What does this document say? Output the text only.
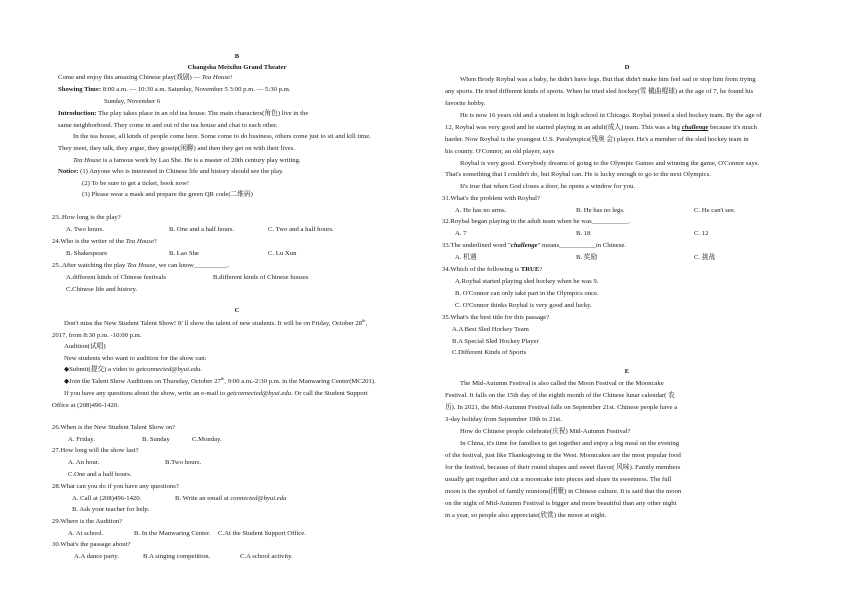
B
Changsha Meixihu Grand Theater
Come and enjoy this amazing Chinese play(戏剧) — Tea House!
Showing Time: 8:00 a.m. — 10:30 a.m. Saturday, November 5 3:00 p.m. — 5:30 p.m.
Sunday, November 6
Introduction: The play takes place in an old tea house. The main characters(角色) live in the
same neighborhood. They come in and out of the tea house and chat to each other.
In the tea house, all kinds of people come here. Some come to do business, others come just to sit and kill time.
They meet, they talk, they argue, they gossip(闲聊) and then they get on with their lives.
Tea House is a famous work by Lao She. He is a master of 20th century play writing.
Notice: (1) Anyone who is interested in Chinese life and history should see the play.
(2) To be sure to get a ticket, book now!
(3) Please wear a mask and prepare the green QR code(二维码)
23..How long is the play?
A. Two hours.	B. One and a half hours.	C. Two and a half hours.
24.Who is the writer of the Tea House?
B. Shakespeare	B. Lao She	C. Lu Xun
25..After watching the play Tea House, we can know__________.
A.different kinds of Chinese festivals	B.different kinds of Chinese houses
C.Chinese life and history.
C
Don't miss the New Student Talent Show! It' ll show the talent of new students. It will be on Friday, October 28th,
2017, from 8:30 p.m. -10:00 p.m.
Audition(试唱)
New students who want to audition for the show can:
◆Submit(提交) a video to getconnected@byui.edu.
◆Join the Talent Show Auditions on Thursday, October 27th, 9:00 a.m.-2:30 p.m. in the Manwaring Center(MC201).
If you have any questions about the show, write an e-mail to getconnected@byui.edu. Or call the Student Support
Office at (208)496-1420.
26.When is the New Student Talent Show on?
A. Friday.	B. Sunday	C.Monday.
27.How long will the show last?
A. An hour.	B.Two hours.
C.One and a half hours.
28.What can you do if you have any questions?
A. Call at (208)496-1420.	B. Write an email at connected@byui.edu
B. Ask your teacher for help.
29.Where is the Audition?
A. At school.	B. In the Manwaring Center. C.At the Student Support Office.
30.What's the passage about?
A.A dance party.	B.A singing competition.	C.A school activity.
D
When Brody Roybal was a baby, he didn't have legs. But that didn't make him feel sad or stop him from trying
any sports. He tried different kinds of sports. When he tried sled hockey(雪 橇曲棍球) at the age of 7, he found his
favorite hobby.
He is now 16 years old and a student in high school in Chicago. Roybal joined a sled hockey team. By the age of
12, Roybal was very good and he started playing in an adult(成人) team. This was a big challenge because it's much
harder. Now Roybal is the youngest U.S. Paralympics(残奥 会) player. He's a member of the sled hockey team in
his county. O'Connor, an old player, says
Roybal is very good. Everybody dreams of going to the Olympic Games and winning the game, O'Connor says.
That's something that I couldn't do, but Roybal can. He is lucky enough to go to the next Olympics.
It's true that when God closes a door, he opens a window for you.
31.What's the problem with Roybal?
A. He has no arms.	B. He has no legs.	C. He can't see.
32.Roybal began playing in the adult team when he was___________.
A. 7	B. 18	C. 12
33.The underlined word "challenge" means___________in Chinese.
A. 机遇	B. 奖励	C. 挑战
34.Which of the following is TRUE?
A.Roybal started playing sled hockey when he was 9.
B. O'Connor can only take part in the Olympics once.
C. O'Connor thinks Roybal is very good and lucky.
35.What's the best title for this passage?
A.A Best Sled Hockey Team
B.A Special Sled Hockey Player
C.Different Kinds of Sports
E
The Mid-Autumn Festival is also called the Moon Festival or the Mooncake
Festival. It falls on the 15th day of the eighth month of the Chinese lunar calendar( 农
历). In 2021, the Mid-Autumn Festival falls on September 21st. Chinese people have a
3-day holiday from September 19th to 21st.
How do Chinese people celebrate(庆祝) Mid-Autumn Festival?
In China, it's time for families to get together and enjoy a big meal on the evening
of the festival, just like Thanksgiving in the West. Mooncakes are the most popular food
for the festival, because of their round shapes and sweet flavor( 风味). Family members
usually get together and cut a mooncake into pieces and share its sweetness. The full
moon is the symbol of family reunions(团聚) in Chinese culture. It is said that the moon
on the night of Mid-Autumn Festival is bigger and more beautiful than any other night
in a year, so people also appreciate(欣赏) the moon at night.
